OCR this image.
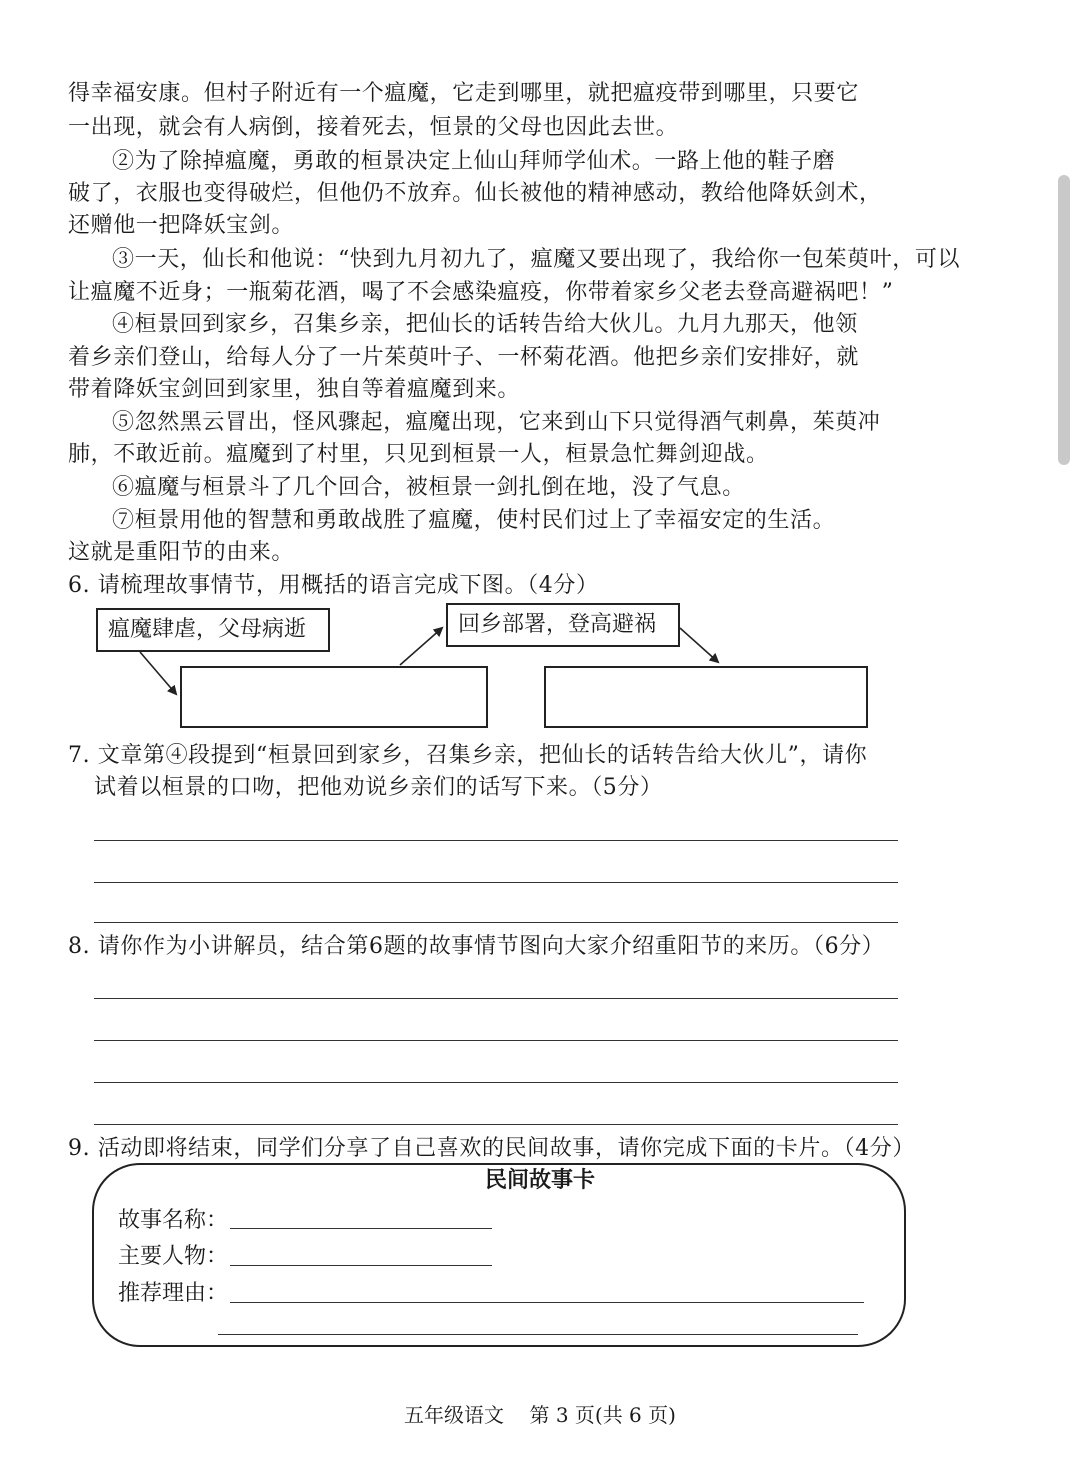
得幸福安康。但村子附近有一个瘟魔，它走到哪里，就把瘟疫带到哪里，只要它
一出现，就会有人病倒，接着死去，恒景的父母也因此去世。
②为了除掉瘟魔，勇敢的桓景决定上仙山拜师学仙术。一路上他的鞋子磨
破了，衣服也变得破烂，但他仍不放弃。仙长被他的精神感动，教给他降妖剑术，
还赠他一把降妖宝剑。
③一天，仙长和他说：“快到九月初九了，瘟魔又要出现了，我给你一包茱萸叶，可以
让瘟魔不近身；一瓶菊花酒，喝了不会感染瘟疫，你带着家乡父老去登高避祸吧！”
④桓景回到家乡，召集乡亲，把仙长的话转告给大伙儿。九月九那天，他领
着乡亲们登山，给每人分了一片茱萸叶子、一杯菊花酒。他把乡亲们安排好，就
带着降妖宝剑回到家里，独自等着瘟魔到来。
⑤忽然黑云冒出，怪风骤起，瘟魔出现，它来到山下只觉得酒气刺鼻，茱萸冲
肺，不敢近前。瘟魔到了村里，只见到桓景一人，桓景急忙舞剑迎战。
⑥瘟魔与桓景斗了几个回合，被桓景一剑扎倒在地，没了气息。
⑦桓景用他的智慧和勇敢战胜了瘟魔，使村民们过上了幸福安定的生活。
这就是重阳节的由来。
6. 请梳理故事情节，用概括的语言完成下图。（4分）
瘟魔肆虐，父母病逝	回乡部署，登高避祸
7. 文章第④段提到“桓景回到家乡，召集乡亲，把仙长的话转告给大伙儿”，请你
试着以桓景的口吻，把他劝说乡亲们的话写下来。（5分）
8. 请你作为小讲解员，结合第6题的故事情节图向大家介绍重阳节的来历。（6分）
9. 活动即将结束，同学们分享了自己喜欢的民间故事，请你完成下面的卡片。（4分）
民间故事卡
故事名称：
主要人物：
推荐理由：
五年级语文    第 3 页(共 6 页)
